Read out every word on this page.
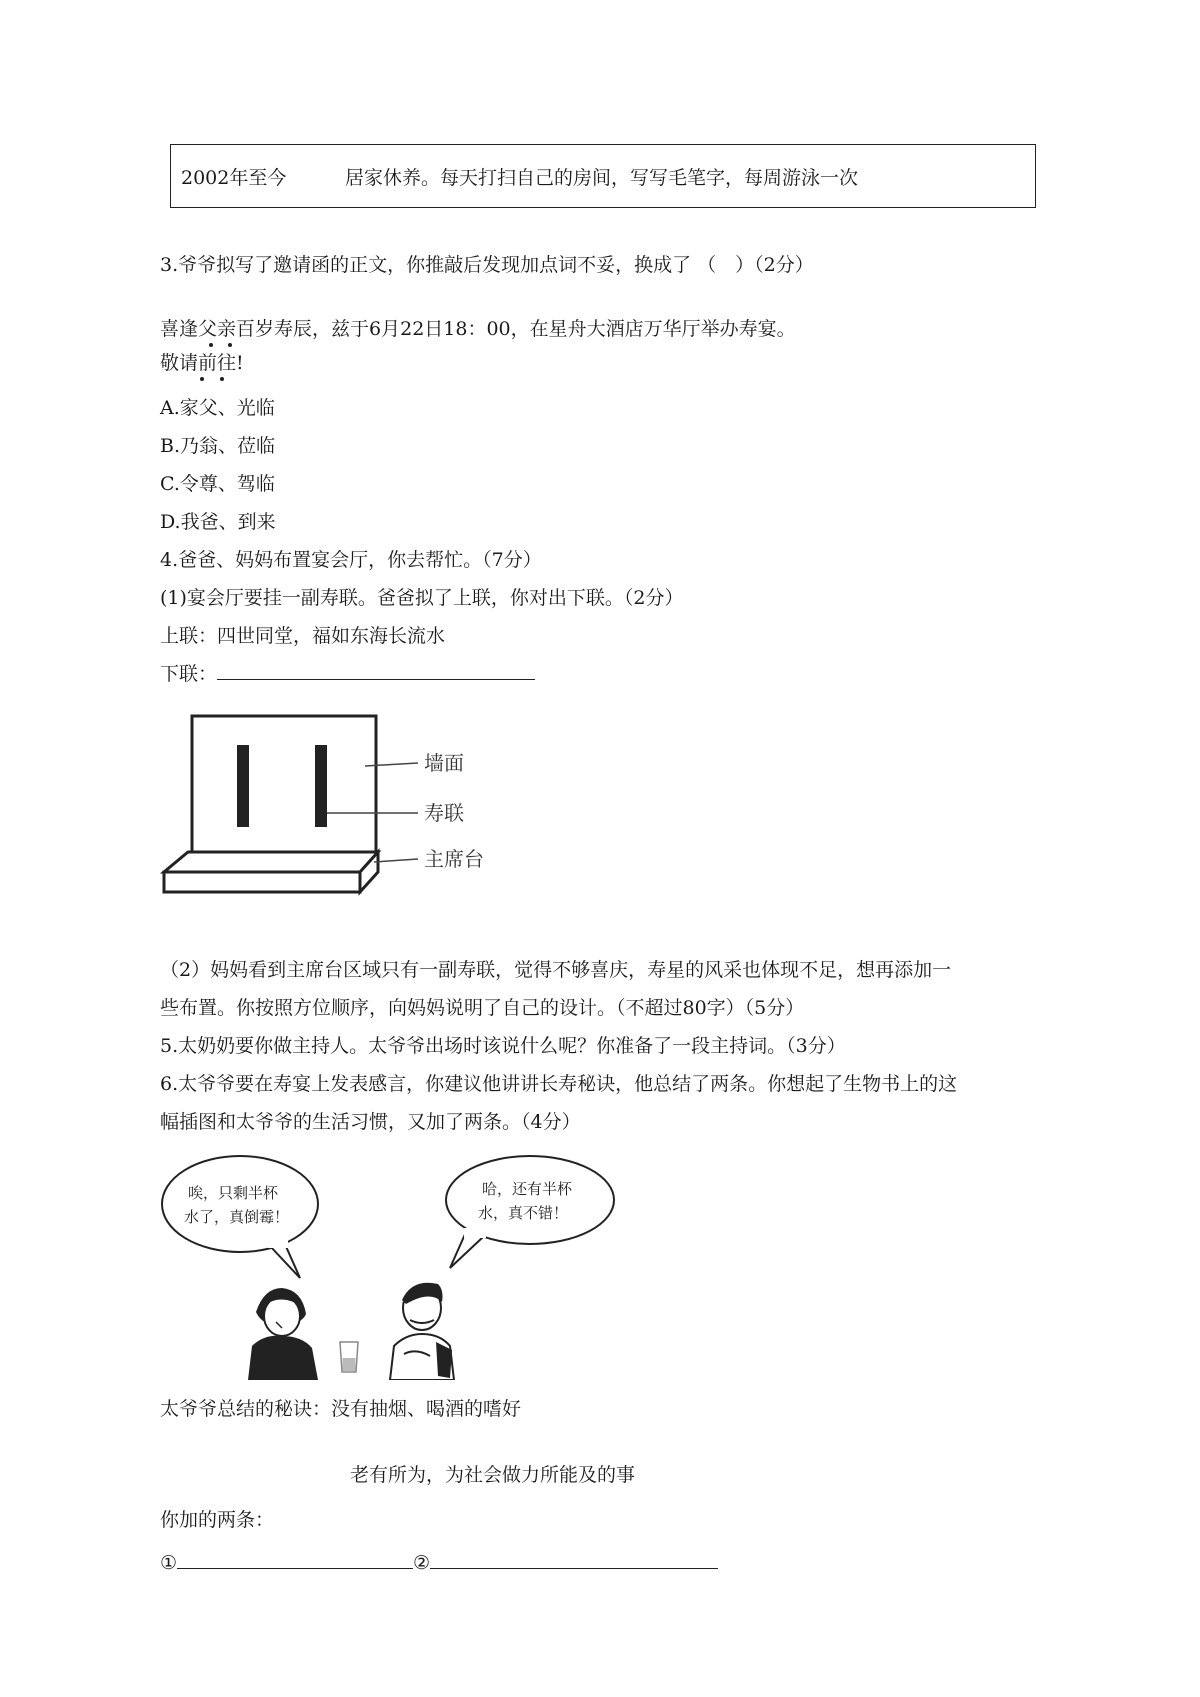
2002年至今	居家休养。每天打扫自己的房间，写写毛笔字，每周游泳一次
3.爷爷拟写了邀请函的正文，你推敲后发现加点词不妥，换成了 （　）（2分）
喜逢父亲百岁寿辰，兹于6月22日18：00，在星舟大酒店万华厅举办寿宴。
敬请前往!
A.家父、光临
B.乃翁、莅临
C.令尊、驾临
D.我爸、到来
4.爸爸、妈妈布置宴会厅，你去帮忙。（7分）
(1)宴会厅要挂一副寿联。爸爸拟了上联，你对出下联。（2分）
上联：四世同堂，福如东海长流水
下联：
墙面
寿联
主席台
（2）妈妈看到主席台区域只有一副寿联，觉得不够喜庆，寿星的风采也体现不足，想再添加一
些布置。你按照方位顺序，向妈妈说明了自己的设计。（不超过80字）（5分）
5.太奶奶要你做主持人。太爷爷出场时该说什么呢？你准备了一段主持词。（3分）
6.太爷爷要在寿宴上发表感言，你建议他讲讲长寿秘诀，他总结了两条。你想起了生物书上的这
幅插图和太爷爷的生活习惯，又加了两条。（4分）
唉，只剩半杯
水了，真倒霉！
哈，还有半杯
水，真不错！
太爷爷总结的秘诀：没有抽烟、喝酒的嗜好
老有所为，为社会做力所能及的事
你加的两条：
①	②
